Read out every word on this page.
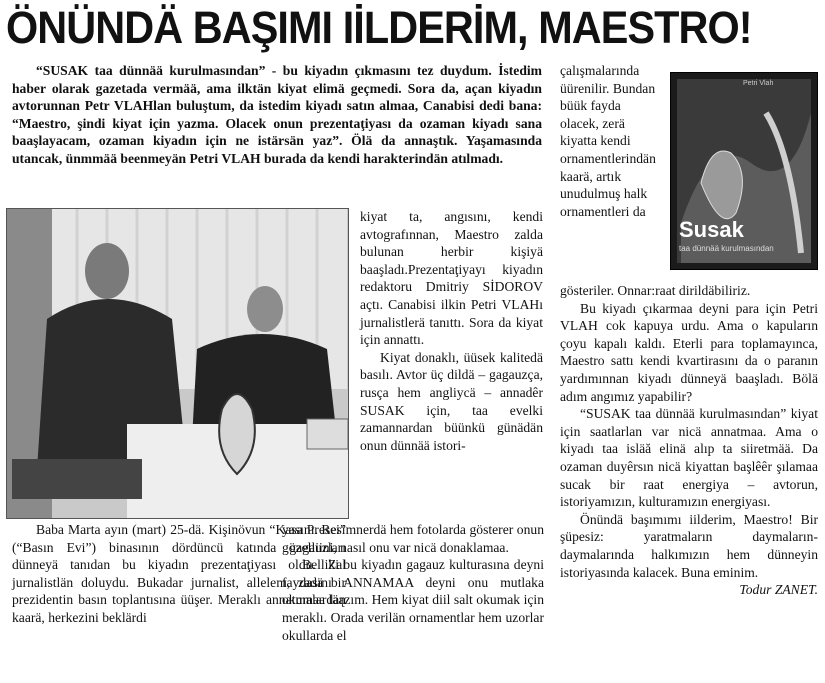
ÖNÜNDÄ BAŞIMI IİLDERİM, MAESTRO!
“SUSAK taa dünnää kurulmasından” - bu kiyadın çıkmasını tez duydum. İstedim haber olarak gazetada vermää, ama ilktän kiyat elimä geçmedi. Sora da, açan kiyadın avtorunnan Petr VLAHlan buluştum, da istedim kiyadı satın almaa, Canabisi dedi bana: “Maestro, şindi kiyat için yazma. Olacek onun prezentaţiyası da ozaman kiyadı sana baaşlayacam, ozaman kiyadın için ne istärsän yaz”. Ölä da annaştık. Yaşamasında utancak, ünmmää beenmeyän Petri VLAH burada da kendi harakterindän atılmadı.
Baba Marta ayın (mart) 25-dä. Kişinövun “Kasa Presei” (“Basın Evi”) binasının dördüncü katında gagauzları dünneyä tanıdan bu kiyadın prezentaţiyası oldu. Zal jurnalistlän doluydu. Bukadar jurnalist, allelem, zadä bir prezidentin basın toplantısına üüşer. Meraklı annatmalardan kaarä, herkezini beklärdi

kiyat ta, angısını, kendi avtografınnan, Maestro zalda bulunan herbir kişiyä baaşladı.Prezentaţiyayı kiyadın redaktoru Dmitriy SİDOROV açtı. Canabisi ilkin Petri VLAHı jurnalistlerä tanıttı. Sora da kiyat için annattı.

Kiyat donaklı, üüsek kalitedä basılı. Avtor üç dildä – gagauzça, rusça hem angliycä – annadêr SUSAK için, taa evelki zamannardan büünkü günädän onun dünnää istori-

yasını. Resimnerdä hem fotolarda gösterer onun gözelliini, nasıl onu var nicä donaklamaa.

Belliki bu kiyadın gagauz kulturasına deyni faydasını ANNAMAA deyni onu mutlaka okumaa läązım. Hem kiyat diil salt okumak için meraklı. Orada verilän ornamentlar hem uzorlar okullarda el

çalışmalarında üürenilir. Bundan büük fayda olacek, zerä kiyatta kendi ornamentlerindän kaarä, artık unudulmuş halk ornamentleri da
Petri Vlah
Susak
taa dünnää kurulmasından

gösteriler. Onnar:raat dirildäbiliriz.

Bu kiyadı çıkarmaa deyni para için Petri VLAH cok kapuya urdu. Ama o kapuların çoyu kapalı kaldı. Eterli para toplamayınca, Maestro sattı kendi kvartirasını da o paranın yardımınnan kiyadı dünneyä baaşladı. Bölä adım angımız yapabilir?

“SUSAK taa dünnää kurulmasından” kiyat için saatlarlan var nicä annatmaa. Ama o kiyadı taa isläă elinä alıp ta siiretmää. Da ozaman duyêrsın nicä kiyattan başlêêr şılamaa sucak bir raat energiya – avtorun, istoriyamızın, kulturamızın energiyası.

Önündä başımımı iilderim, Maestro! Bir şüpesiz: yaratmaların daymaların-daymalarında halkımızın hem dünneyin istoriyasında kalacek. Buna eminim.

Todur ZANET.
